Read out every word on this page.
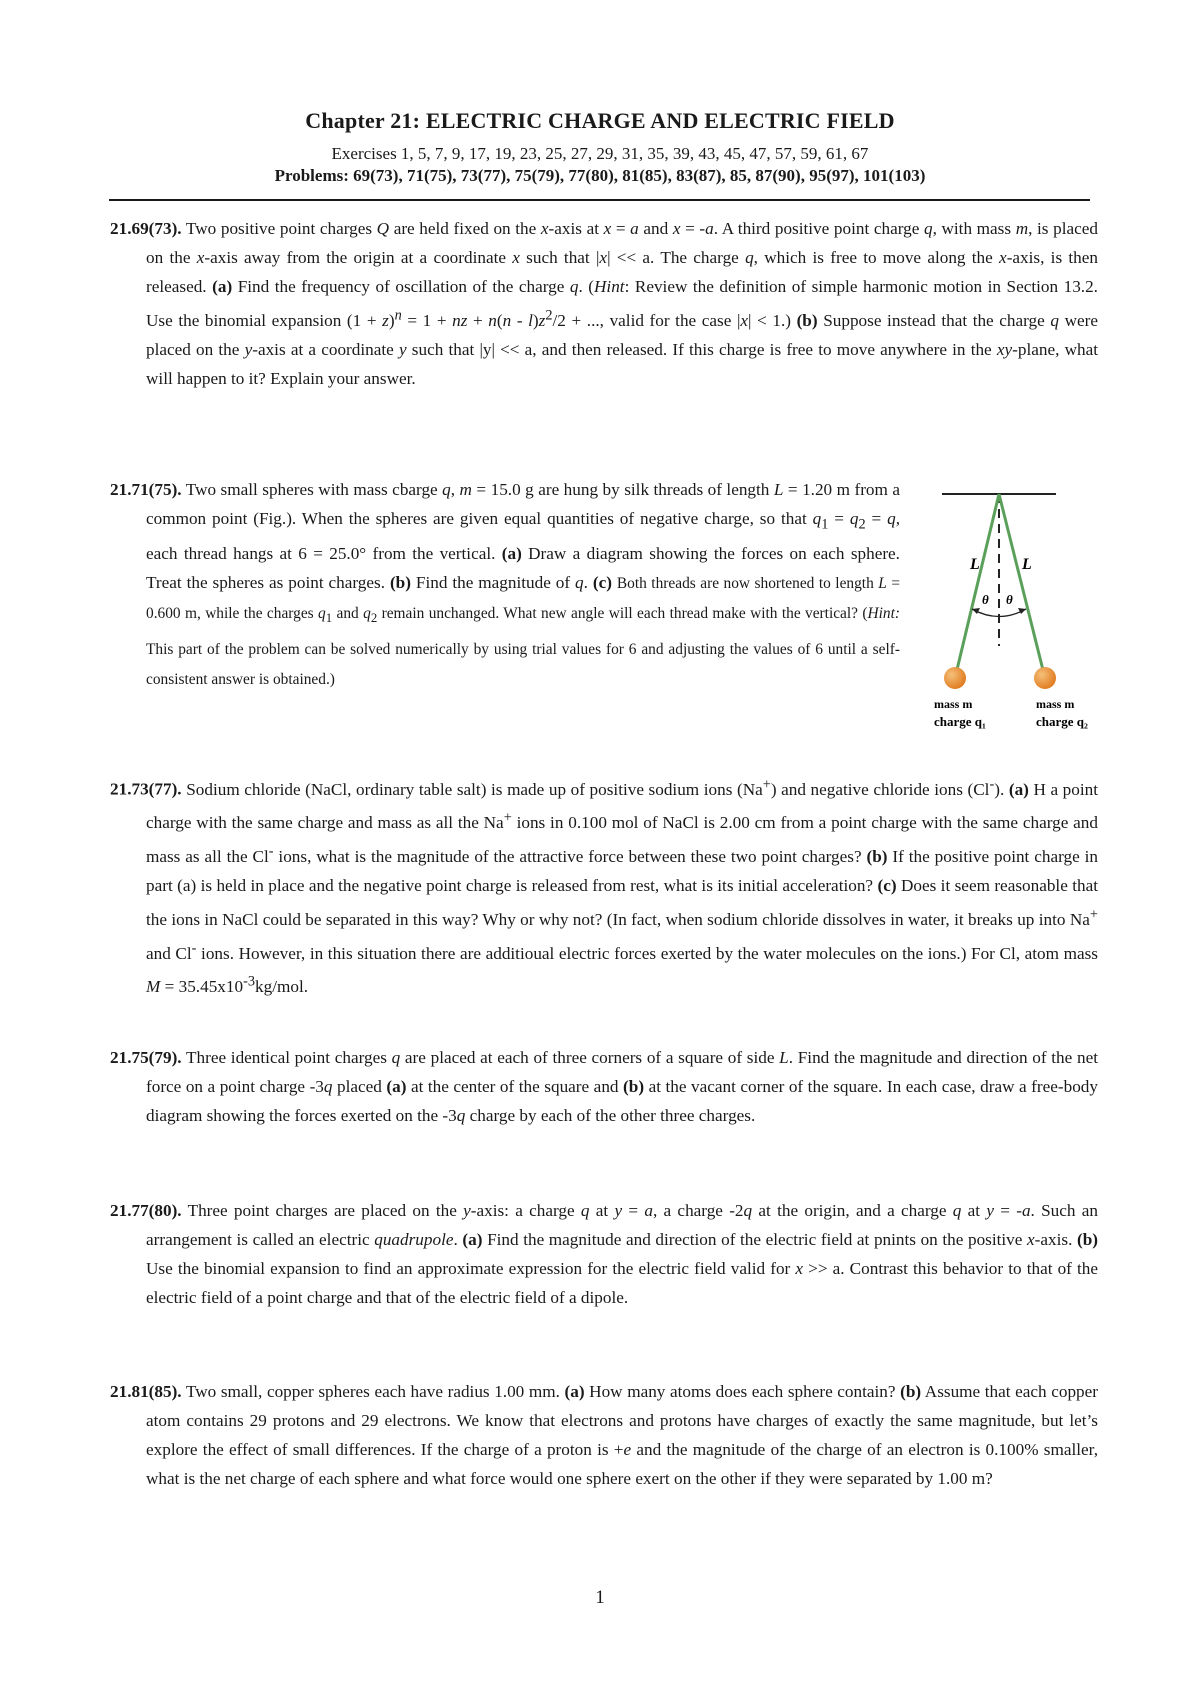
Chapter 21: ELECTRIC CHARGE AND ELECTRIC FIELD
Exercises 1, 5, 7, 9, 17, 19, 23, 25, 27, 29, 31, 35, 39, 43, 45, 47, 57, 59, 61, 67
Problems: 69(73), 71(75), 73(77), 75(79), 77(80), 81(85), 83(87), 85, 87(90), 95(97), 101(103)
21.69(73). Two positive point charges Q are held fixed on the x-axis at x = a and x = -a. A third positive point charge q, with mass m, is placed on the x-axis away from the origin at a coordinate x such that |x| << a. The charge q, which is free to move along the x-axis, is then released. (a) Find the frequency of oscillation of the charge q. (Hint: Review the definition of simple harmonic motion in Section 13.2. Use the binomial expansion $(1 + z)^n = 1$ + nz + $n(n - l)z^2/2$ + ..., valid for the case |x| < 1.) (b) Suppose instead that the charge q were placed on the y-axis at a coordinate y such that |y| << a, and then released. If this charge is free to move anywhere in the xy-plane, what will happen to it? Explain your answer.
21.71(75). Two small spheres with mass cbarge q, m = 15.0 g are hung by silk threads of length L = 1.20 m from a common point (Fig.). When the spheres are given equal quantities of negative charge, so that $q_1 = q_2 = q$, each thread hangs at 6 = 25.0° from the vertical. (a) Draw a diagram showing the forces on each sphere. Treat the spheres as point charges. (b) Find the magnitude of q. (c) Both threads are now shortened to length L = 0.600 m, while the charges $q_1$ and $q_2$ remain unchanged. What new angle will each thread make with the vertical? (Hint: This part of the problem can be solved numerically by using trial values for 6 and adjusting the values of 6 until a self-consistent answer is obtained.)
L	L
θ θ
mass m
charge q₁
mass m
charge q₂
21.73(77). Sodium chloride (NaCl, ordinary table salt) is made up of positive sodium ions (Na+) and negative chloride ions (Cl-). (a) H a point charge with the same charge and mass as all the Na+ ions in 0.100 mol of NaCl is 2.00 cm from a point charge with the same charge and mass as all the Cl- ions, what is the magnitude of the attractive force between these two point charges? (b) If the positive point charge in part (a) is held in place and the negative point charge is released from rest, what is its initial acceleration? (c) Does it seem reasonable that the ions in NaCl could be separated in this way? Why or why not? (In fact, when sodium chloride dissolves in water, it breaks up into Na+ and Cl- ions. However, in this situation there are additioual electric forces exerted by the water molecules on the ions.) For Cl, atom mass $M = 35.45x10^{-3}kg$/mol.
21.75(79). Three identical point charges q are placed at each of three corners of a square of side L. Find the magnitude and direction of the net force on a point charge -3q placed (a) at the center of the square and (b) at the vacant corner of the square. In each case, draw a free-body diagram showing the forces exerted on the -3q charge by each of the other three charges.
21.77(80). Three point charges are placed on the y-axis: a charge q at y = a, a charge -2q at the origin, and a charge q at y = -a. Such an arrangement is called an electric quadrupole. (a) Find the magnitude and direction of the electric field at pnints on the positive x-axis. (b) Use the binomial expansion to find an approximate expression for the electric field valid for x >> a. Contrast this behavior to that of the electric field of a point charge and that of the electric field of a dipole.
21.81(85). Two small, copper spheres each have radius 1.00 mm. (a) How many atoms does each sphere contain? (b) Assume that each copper atom contains 29 protons and 29 electrons. We know that electrons and protons have charges of exactly the same magnitude, but let’s explore the effect of small differences. If the charge of a proton is +e and the magnitude of the charge of an electron is 0.100% smaller, what is the net charge of each sphere and what force would one sphere exert on the other if they were separated by 1.00 m?
1
